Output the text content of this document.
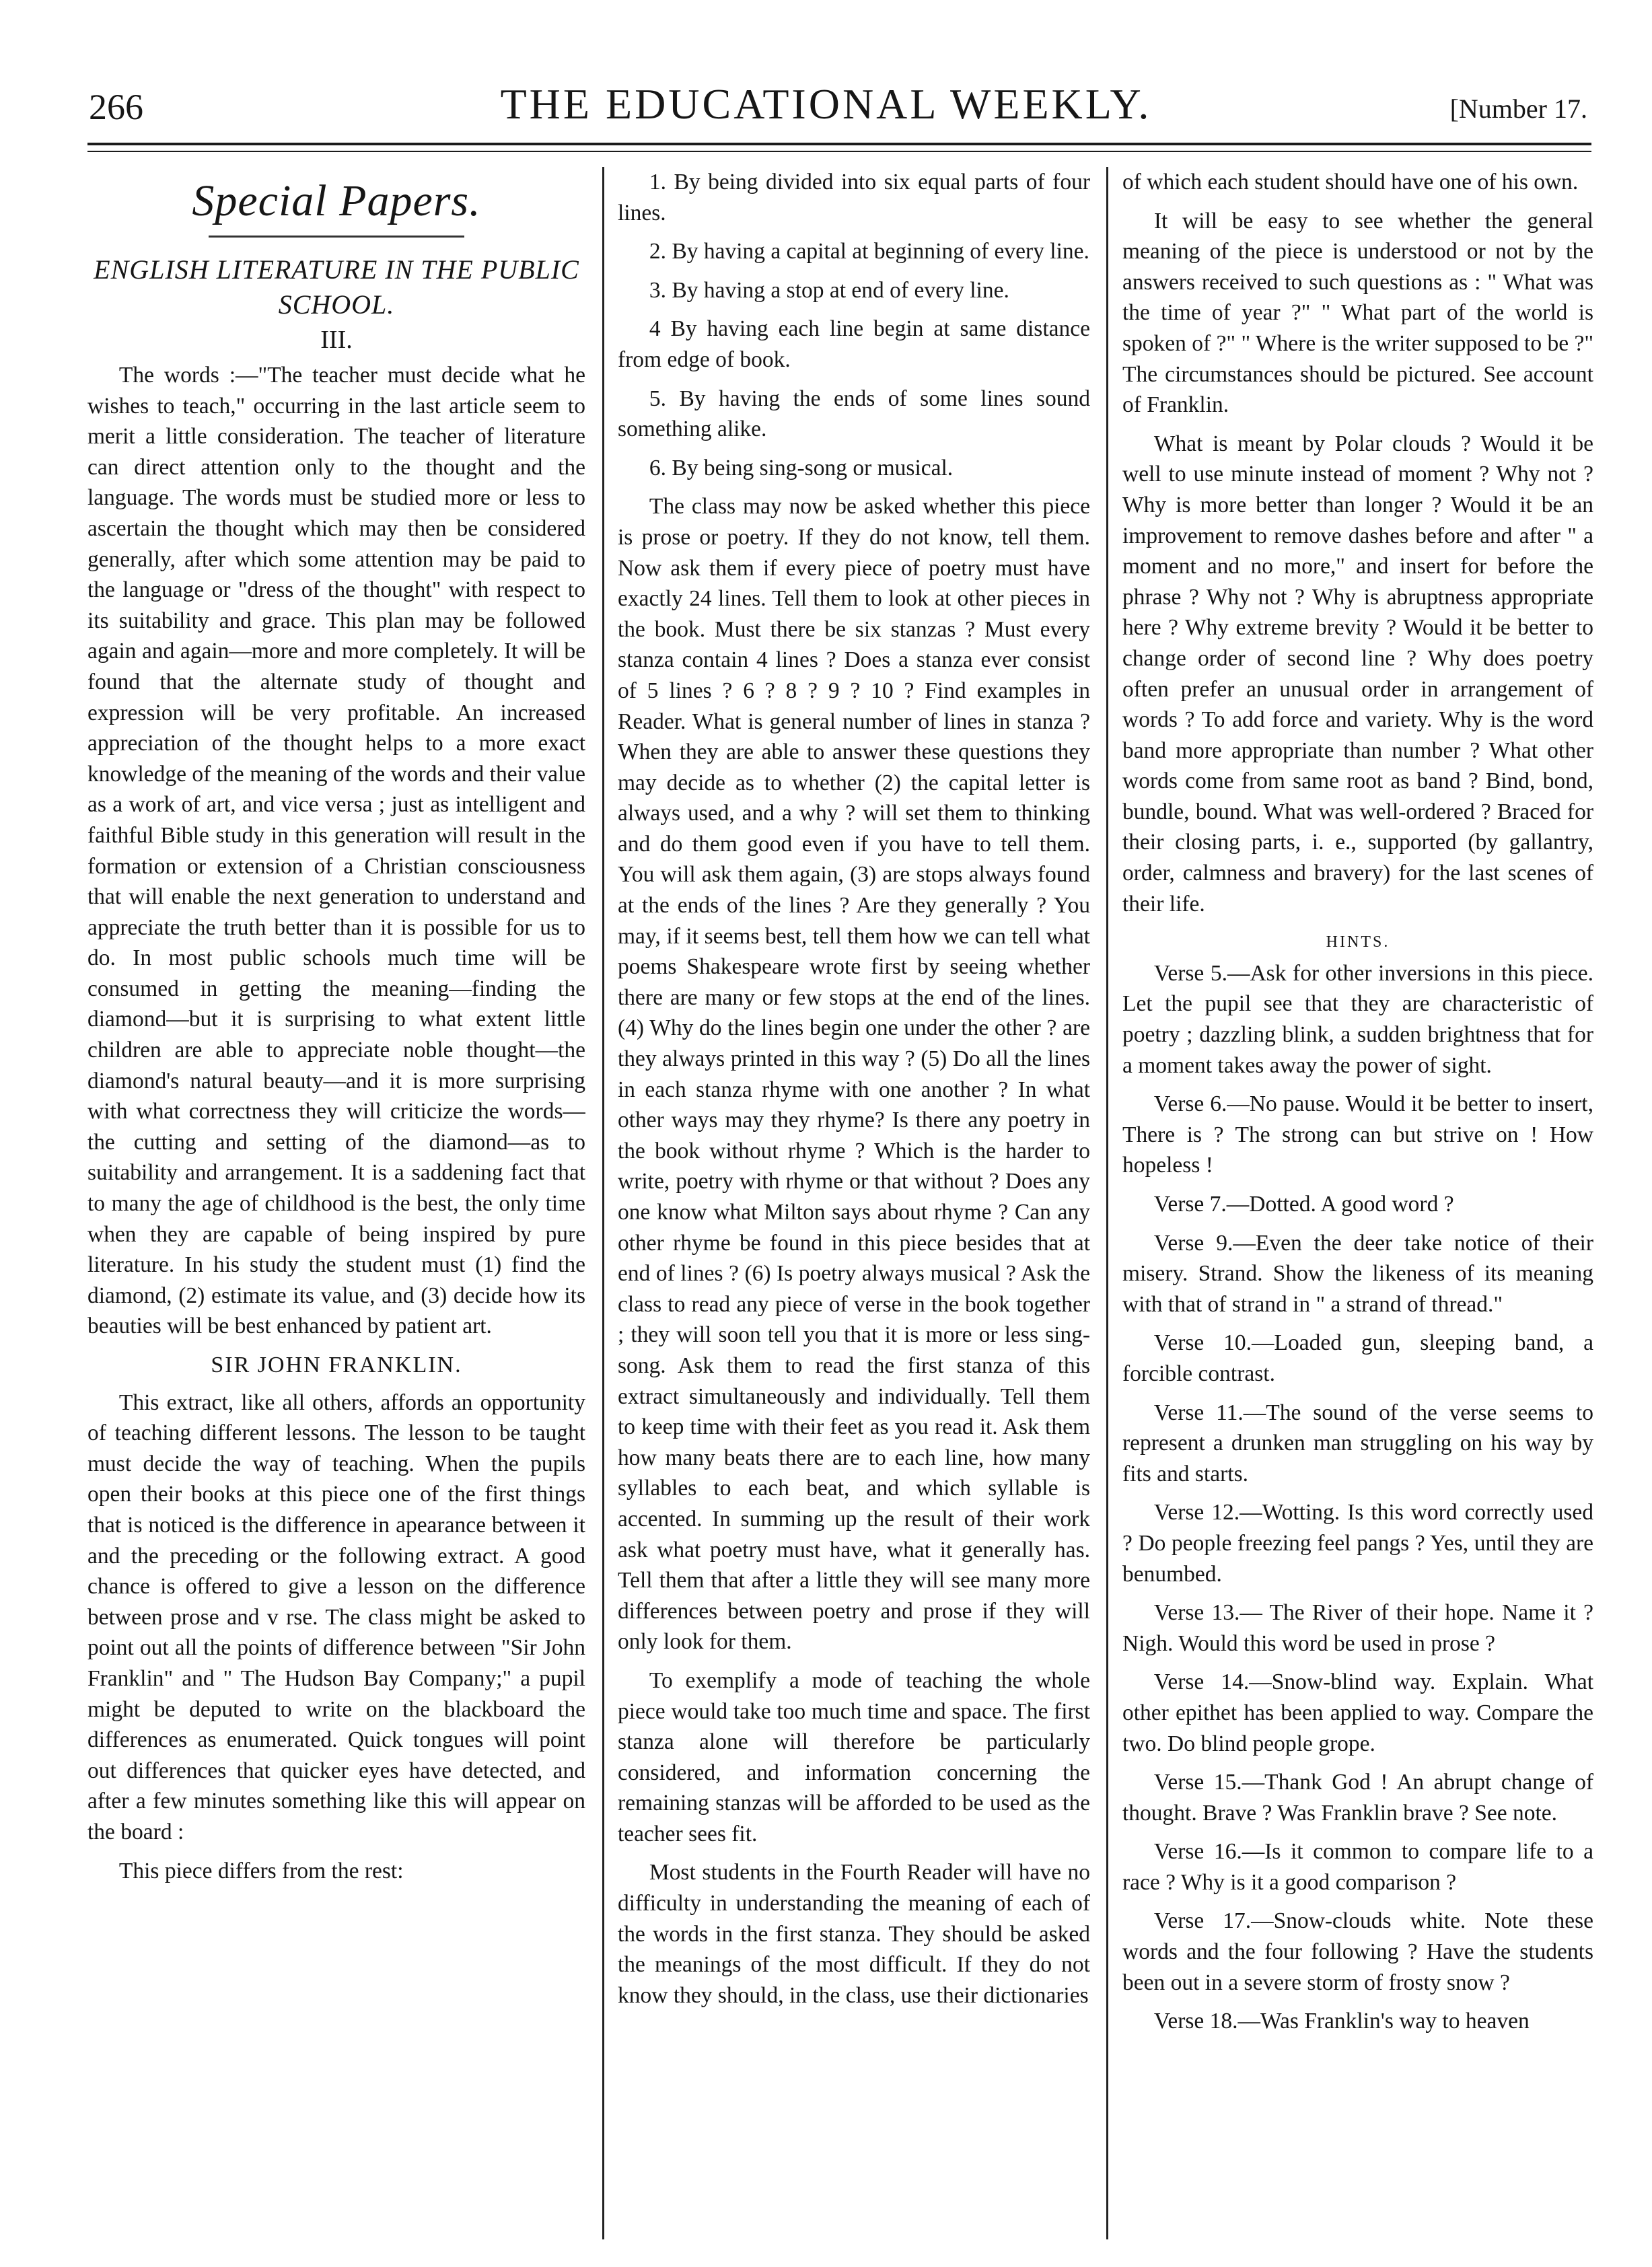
266	THE EDUCATIONAL WEEKLY.	[Number 17.
Special Papers.
ENGLISH LITERATURE IN THE PUBLIC SCHOOL.
III.

The words :—"The teacher must decide what he wishes to teach," occurring in the last article seem to merit a little consideration. The teacher of literature can direct attention only to the thought and the language. The words must be studied more or less to ascertain the thought which may then be considered generally, after which some attention may be paid to the language or "dress of the thought" with respect to its suitability and grace. This plan may be followed again and again—more and more completely. It will be found that the alternate study of thought and expression will be very profitable. An increased appreciation of the thought helps to a more exact knowledge of the meaning of the words and their value as a work of art, and vice versa ; just as intelligent and faithful Bible study in this generation will result in the formation or extension of a Christian consciousness that will enable the next generation to understand and appreciate the truth better than it is possible for us to do. In most public schools much time will be consumed in getting the meaning—finding the diamond—but it is surprising to what extent little children are able to appreciate noble thought—the diamond's natural beauty—and it is more surprising with what correctness they will criticize the words—the cutting and setting of the diamond—as to suitability and arrangement. It is a saddening fact that to many the age of childhood is the best, the only time when they are capable of being inspired by pure literature. In his study the student must (1) find the diamond, (2) estimate its value, and (3) decide how its beauties will be best enhanced by patient art.

SIR JOHN FRANKLIN.

This extract, like all others, affords an opportunity of teaching different lessons. The lesson to be taught must decide the way of teaching. When the pupils open their books at this piece one of the first things that is noticed is the difference in apearance between it and the preceding or the following extract. A good chance is offered to give a lesson on the difference between prose and v rse. The class might be asked to point out all the points of difference between "Sir John Franklin" and " The Hudson Bay Company;" a pupil might be deputed to write on the blackboard the differences as enumerated. Quick tongues will point out differences that quicker eyes have detected, and after a few minutes something like this will appear on the board :

This piece differs from the rest:

1. By being divided into six equal parts of four lines.

2. By having a capital at beginning of every line.

3. By having a stop at end of every line.

4 By having each line begin at same distance from edge of book.

5. By having the ends of some lines sound something alike.

6. By being sing-song or musical.

The class may now be asked whether this piece is prose or poetry. If they do not know, tell them. Now ask them if every piece of poetry must have exactly 24 lines. Tell them to look at other pieces in the book. Must there be six stanzas ? Must every stanza contain 4 lines ? Does a stanza ever consist of 5 lines ? 6 ? 8 ? 9 ? 10 ? Find examples in Reader. What is general number of lines in stanza ? When they are able to answer these questions they may decide as to whether (2) the capital letter is always used, and a why ? will set them to thinking and do them good even if you have to tell them. You will ask them again, (3) are stops always found at the ends of the lines ? Are they generally ? You may, if it seems best, tell them how we can tell what poems Shakespeare wrote first by seeing whether there are many or few stops at the end of the lines. (4) Why do the lines begin one under the other ? are they always printed in this way ? (5) Do all the lines in each stanza rhyme with one another ? In what other ways may they rhyme? Is there any poetry in the book without rhyme ? Which is the harder to write, poetry with rhyme or that without ? Does any one know what Milton says about rhyme ? Can any other rhyme be found in this piece besides that at end of lines ? (6) Is poetry always musical ? Ask the class to read any piece of verse in the book together ; they will soon tell you that it is more or less sing-song. Ask them to read the first stanza of this extract simultaneously and individually. Tell them to keep time with their feet as you read it. Ask them how many beats there are to each line, how many syllables to each beat, and which syllable is accented. In summing up the result of their work ask what poetry must have, what it generally has. Tell them that after a little they will see many more differences between poetry and prose if they will only look for them.

To exemplify a mode of teaching the whole piece would take too much time and space. The first stanza alone will therefore be particularly considered, and information concerning the remaining stanzas will be afforded to be used as the teacher sees fit.

Most students in the Fourth Reader will have no difficulty in understanding the meaning of each of the words in the first stanza. They should be asked the meanings of the most difficult. If they do not know they should, in the class, use their dictionaries

of which each student should have one of his own.

It will be easy to see whether the general meaning of the piece is understood or not by the answers received to such questions as : " What was the time of year ?" " What part of the world is spoken of ?" " Where is the writer supposed to be ?" The circumstances should be pictured. See account of Franklin.

What is meant by Polar clouds ? Would it be well to use minute instead of moment ? Why not ? Why is more better than longer ? Would it be an improvement to remove dashes before and after " a moment and no more," and insert for before the phrase ? Why not ? Why is abruptness appropriate here ? Why extreme brevity ? Would it be better to change order of second line ? Why does poetry often prefer an unusual order in arrangement of words ? To add force and variety. Why is the word band more appropriate than number ? What other words come from same root as band ? Bind, bond, bundle, bound. What was well-ordered ? Braced for their closing parts, i. e., supported (by gallantry, order, calmness and bravery) for the last scenes of their life.

HINTS.

Verse 5.—Ask for other inversions in this piece. Let the pupil see that they are characteristic of poetry ; dazzling blink, a sudden brightness that for a moment takes away the power of sight.

Verse 6.—No pause. Would it be better to insert, There is ? The strong can but strive on ! How hopeless !

Verse 7.—Dotted. A good word ?

Verse 9.—Even the deer take notice of their misery. Strand. Show the likeness of its meaning with that of strand in " a strand of thread."

Verse 10.—Loaded gun, sleeping band, a forcible contrast.

Verse 11.—The sound of the verse seems to represent a drunken man struggling on his way by fits and starts.

Verse 12.—Wotting. Is this word correctly used ? Do people freezing feel pangs ? Yes, until they are benumbed.

Verse 13.— The River of their hope. Name it ? Nigh. Would this word be used in prose ?

Verse 14.—Snow-blind way. Explain. What other epithet has been applied to way. Compare the two. Do blind people grope.

Verse 15.—Thank God ! An abrupt change of thought. Brave ? Was Franklin brave ? See note.

Verse 16.—Is it common to compare life to a race ? Why is it a good comparison ?

Verse 17.—Snow-clouds white. Note these words and the four following ? Have the students been out in a severe storm of frosty snow ?

Verse 18.—Was Franklin's way to heaven
